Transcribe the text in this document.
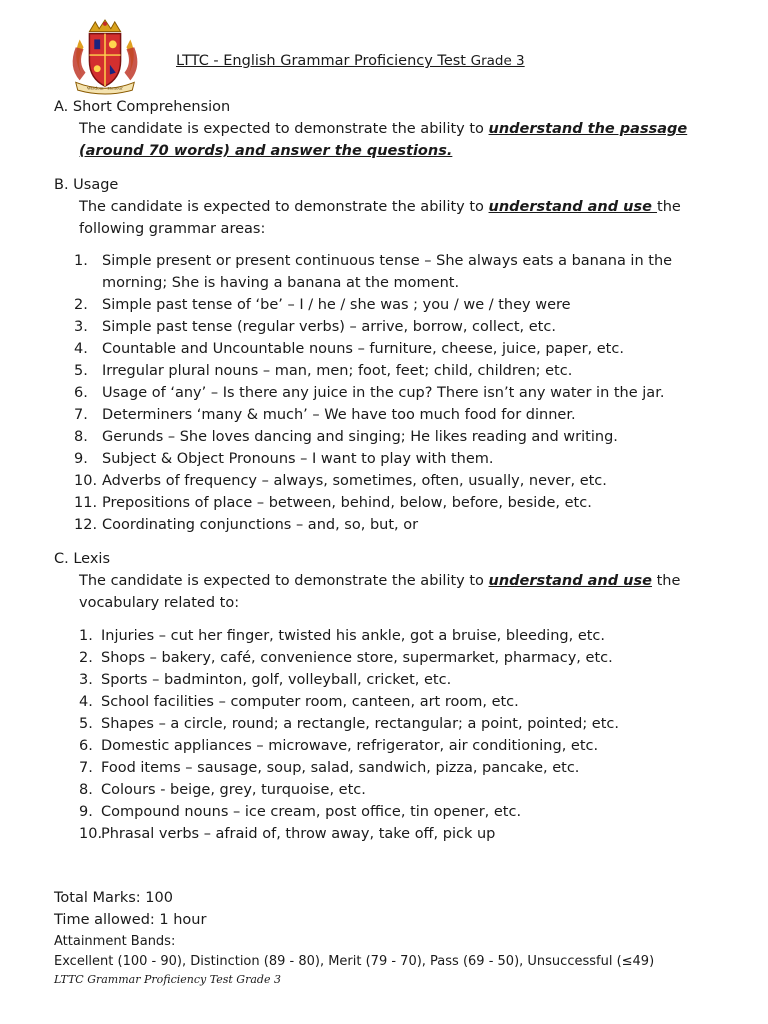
Wisdom · Honour
LTTC - English Grammar Proficiency Test Grade 3
A. Short Comprehension
The candidate is expected to demonstrate the ability to understand the passage
(around 70 words) and answer the questions.
B. Usage
The candidate is expected to demonstrate the ability to understand and use the
following grammar areas:
1. Simple present or present continuous tense – She always eats a banana in the
morning; She is having a banana at the moment.
2. Simple past tense of ‘be’ – I / he / she was ; you / we / they were
3. Simple past tense (regular verbs) – arrive, borrow, collect, etc.
4. Countable and Uncountable nouns – furniture, cheese, juice, paper, etc.
5. Irregular plural nouns – man, men; foot, feet; child, children; etc.
6. Usage of ‘any’ – Is there any juice in the cup? There isn’t any water in the jar.
7. Determiners ‘many & much’ – We have too much food for dinner.
8. Gerunds – She loves dancing and singing; He likes reading and writing.
9. Subject & Object Pronouns – I want to play with them.
10. Adverbs of frequency – always, sometimes, often, usually, never, etc.
11. Prepositions of place – between, behind, below, before, beside, etc.
12. Coordinating conjunctions – and, so, but, or
C. Lexis
The candidate is expected to demonstrate the ability to understand and use the
vocabulary related to:
1. Injuries – cut her finger, twisted his ankle, got a bruise, bleeding, etc.
2. Shops – bakery, café, convenience store, supermarket, pharmacy, etc.
3. Sports – badminton, golf, volleyball, cricket, etc.
4. School facilities – computer room, canteen, art room, etc.
5. Shapes – a circle, round; a rectangle, rectangular; a point, pointed; etc.
6. Domestic appliances – microwave, refrigerator, air conditioning, etc.
7. Food items – sausage, soup, salad, sandwich, pizza, pancake, etc.
8. Colours - beige, grey, turquoise, etc.
9. Compound nouns – ice cream, post office, tin opener, etc.
10.
Phrasal verbs – afraid of, throw away, take off, pick up
Total Marks: 100
Time allowed: 1 hour
Attainment Bands:
Excellent (100 - 90), Distinction (89 - 80), Merit (79 - 70), Pass (69 - 50), Unsuccessful (≤49)
LTTC Grammar Proficiency Test Grade 3
